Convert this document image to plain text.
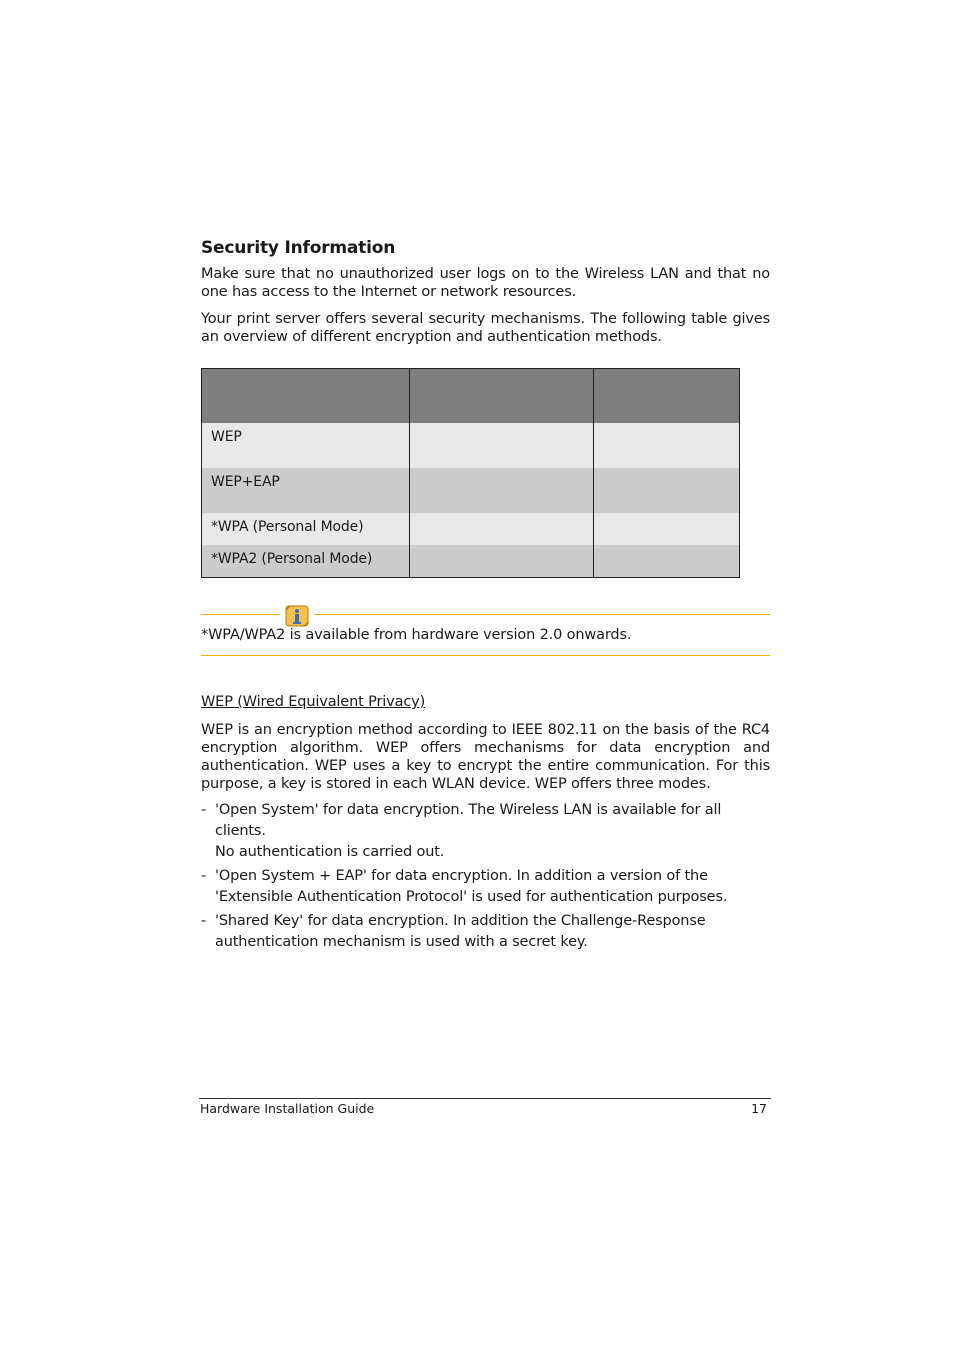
Security Information

Make sure that no unauthorized user logs on to the Wireless LAN and that no one has access to the Internet or network resources.

Your print server offers several security mechanisms. The following table gives an overview of different encryption and authentication methods.

WEP		
WEP+EAP		
*WPA (Personal Mode)		
*WPA2 (Personal Mode)		

*WPA/WPA2 is available from hardware version 2.0 onwards.

WEP (Wired Equivalent Privacy)

WEP is an encryption method according to IEEE 802.11 on the basis of the RC4 encryption algorithm. WEP offers mechanisms for data encryption and authentication. WEP uses a key to encrypt the entire communication. For this purpose, a key is stored in each WLAN device. WEP offers three modes.

- 'Open System' for data encryption. The Wireless LAN is available for all clients.
No authentication is carried out.
- 'Open System + EAP' for data encryption. In addition a version of the
'Extensible Authentication Protocol' is used for authentication purposes.
- 'Shared Key' for data encryption. In addition the Challenge-Response
authentication mechanism is used with a secret key.
Hardware Installation Guide	17
